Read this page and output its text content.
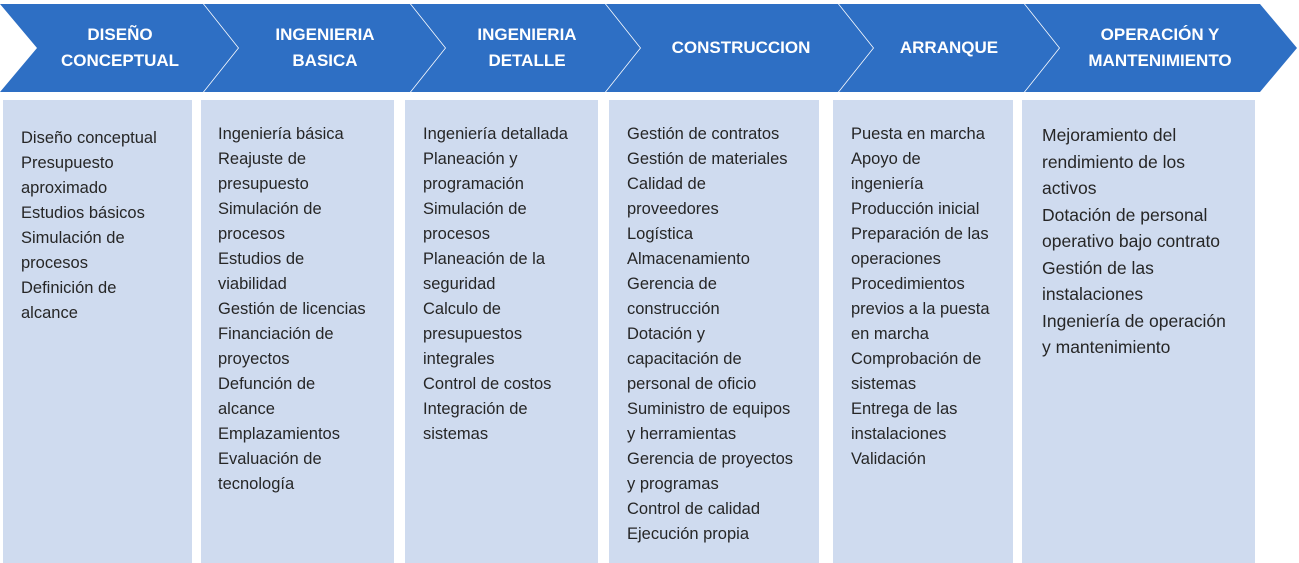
DISEÑO
CONCEPTUAL
INGENIERIA
BASICA
INGENIERIA
DETALLE
CONSTRUCCION	ARRANQUE
OPERACIÓN Y
MANTENIMIENTO
Diseño conceptual
Presupuesto
aproximado
Estudios básicos
Simulación de
procesos
Definición de
alcance
Ingeniería básica
Reajuste de
presupuesto
Simulación de
procesos
Estudios de
viabilidad
Gestión de licencias
Financiación de
proyectos
Defunción de
alcance
Emplazamientos
Evaluación de
tecnología
Ingeniería detallada
Planeación y
programación
Simulación de
procesos
Planeación de la
seguridad
Calculo de
presupuestos
integrales
Control de costos
Integración de
sistemas
Gestión de contratos
Gestión de materiales
Calidad de
proveedores
Logística
Almacenamiento
Gerencia de
construcción
Dotación y
capacitación de
personal de oficio
Suministro de equipos
y herramientas
Gerencia de proyectos
y programas
Control de calidad
Ejecución propia
Puesta en marcha
Apoyo de
ingeniería
Producción inicial
Preparación de las
operaciones
Procedimientos
previos a la puesta
en marcha
Comprobación de
sistemas
Entrega de las
instalaciones
Validación
Mejoramiento del
rendimiento de los
activos
Dotación de personal
operativo bajo contrato
Gestión de las
instalaciones
Ingeniería de operación
y mantenimiento
